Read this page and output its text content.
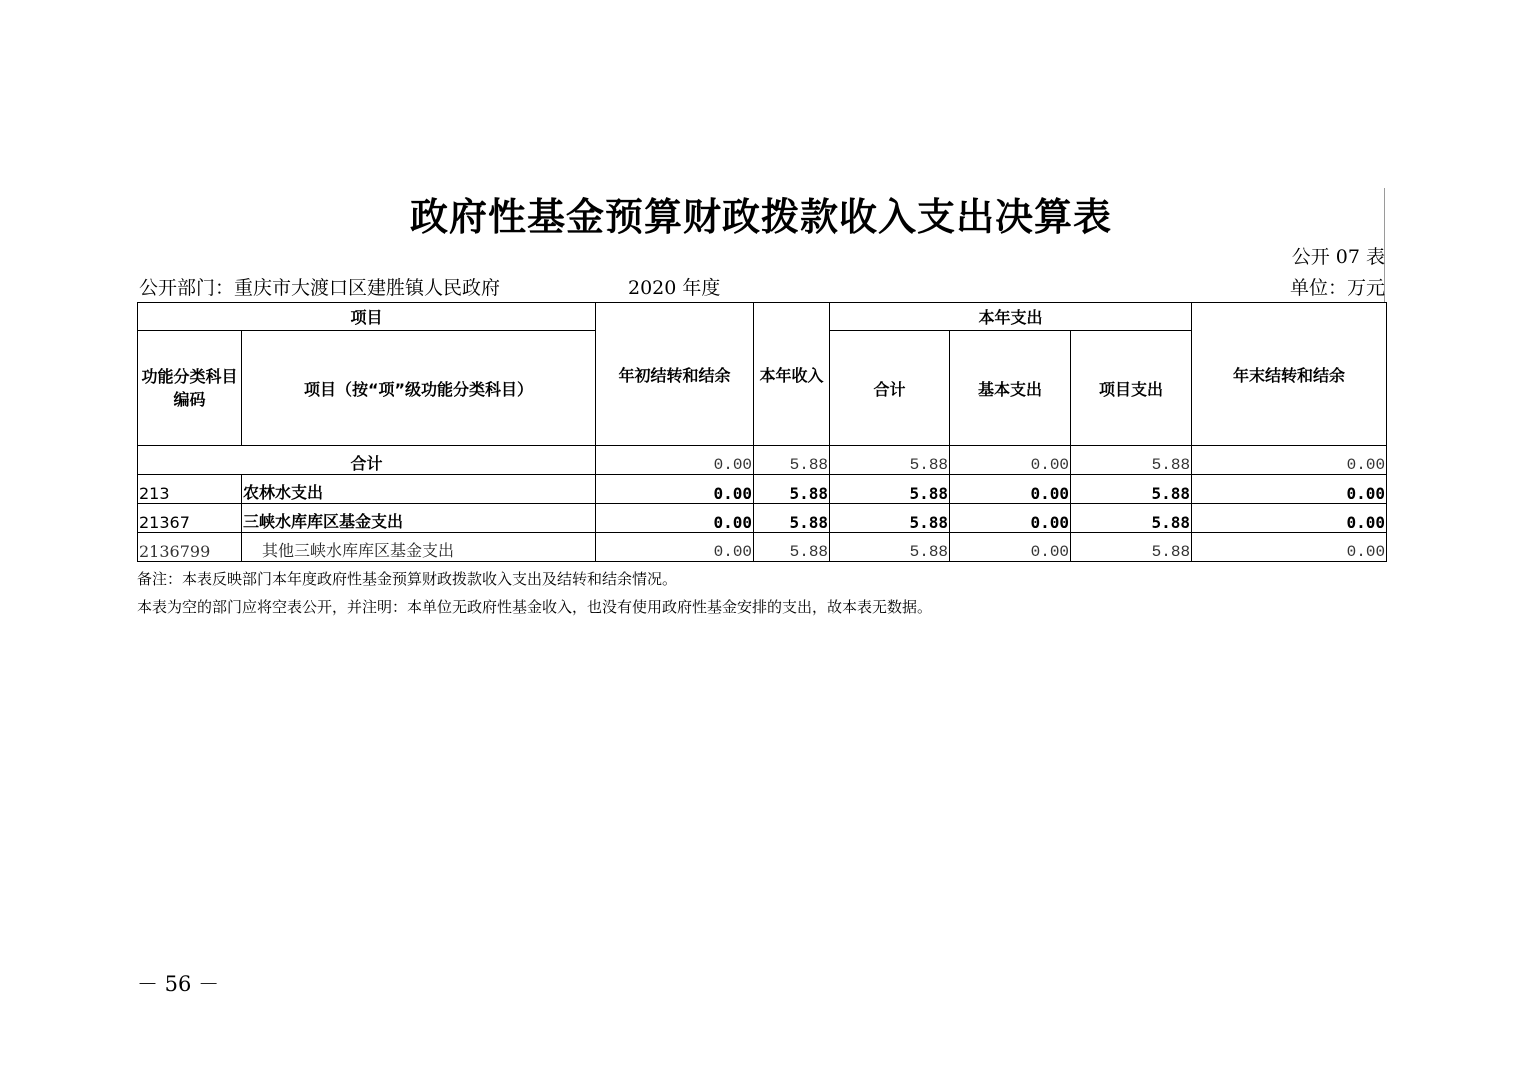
政府性基金预算财政拨款收入支出决算表
公开 07 表
公开部门：重庆市大渡口区建胜镇人民政府	2020 年度	单位：万元
项目		年初结转和结余	本年收入	本年支出			年末结转和结余
功能分类科目编码	项目（按“项”级功能分类科目）			合计	基本支出	项目支出	
合计		0.00	5.88	5.88	0.00	5.88	0.00
213	农林水支出	0.00	5.88	5.88	0.00	5.88	0.00
21367	三峡水库库区基金支出	0.00	5.88	5.88	0.00	5.88	0.00
2136799	其他三峡水库库区基金支出	0.00	5.88	5.88	0.00	5.88	0.00
备注：本表反映部门本年度政府性基金预算财政拨款收入支出及结转和结余情况。
本表为空的部门应将空表公开，并注明：本单位无政府性基金收入，也没有使用政府性基金安排的支出，故本表无数据。
－ 56 －
